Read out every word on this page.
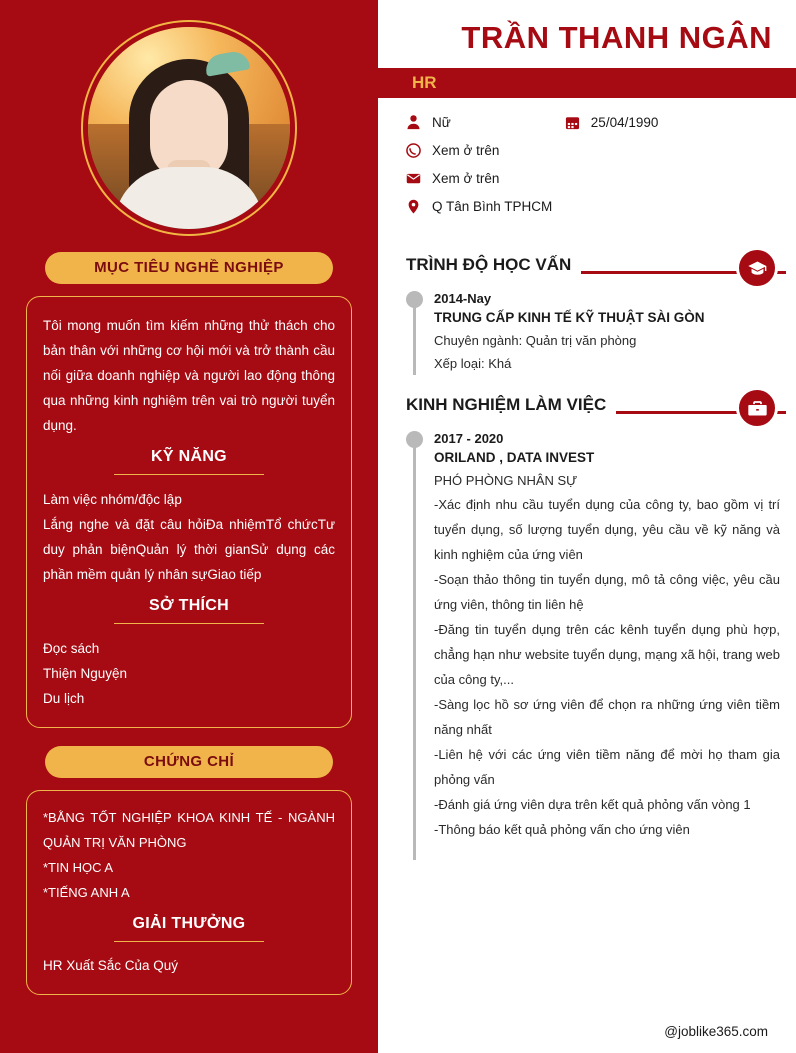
MỤC TIÊU NGHỀ NGHIỆP
Tôi mong muốn tìm kiếm những thử thách cho bản thân với những cơ hội mới và trở thành cầu nối giữa doanh nghiệp và người lao động thông qua những kinh nghiệm trên vai trò người tuyển dụng.
KỸ NĂNG
Làm việc nhóm/độc lập
Lắng nghe và đặt câu hỏiĐa nhiệmTổ chứcTư duy phản biệnQuản lý thời gianSử dụng các phần mềm quản lý nhân sựGiao tiếp
SỞ THÍCH
Đọc sách
Thiện Nguyện
Du lịch
CHỨNG CHỈ
*BẰNG TỐT NGHIỆP KHOA KINH TẾ - NGÀNH QUẢN TRỊ VĂN PHÒNG
*TIN HỌC A
*TIẾNG ANH A
GIẢI THƯỞNG
HR Xuất Sắc Của Quý
TRẦN THANH NGÂN
HR
Nữ	25/04/1990
Xem ở trên
Xem ở trên
Q Tân Bình TPHCM
TRÌNH ĐỘ HỌC VẤN
2014-Nay
TRUNG CẤP KINH TẾ KỸ THUẬT SÀI GÒN
Chuyên ngành: Quản trị văn phòng
Xếp loại: Khá
KINH NGHIỆM LÀM VIỆC
2017 - 2020
ORILAND , DATA INVEST
PHÓ PHÒNG NHÂN SỰ
-Xác định nhu cầu tuyển dụng của công ty, bao gồm vị trí tuyển dụng, số lượng tuyển dụng, yêu cầu về kỹ năng và kinh nghiệm của ứng viên
-Soạn thảo thông tin tuyển dụng, mô tả công việc, yêu cầu ứng viên, thông tin liên hệ
-Đăng tin tuyển dụng trên các kênh tuyển dụng phù hợp, chẳng hạn như website tuyển dụng, mạng xã hội, trang web của công ty,...
-Sàng lọc hồ sơ ứng viên để chọn ra những ứng viên tiềm năng nhất
-Liên hệ với các ứng viên tiềm năng để mời họ tham gia phỏng vấn
-Đánh giá ứng viên dựa trên kết quả phỏng vấn vòng 1
-Thông báo kết quả phỏng vấn cho ứng viên
@joblike365.com
